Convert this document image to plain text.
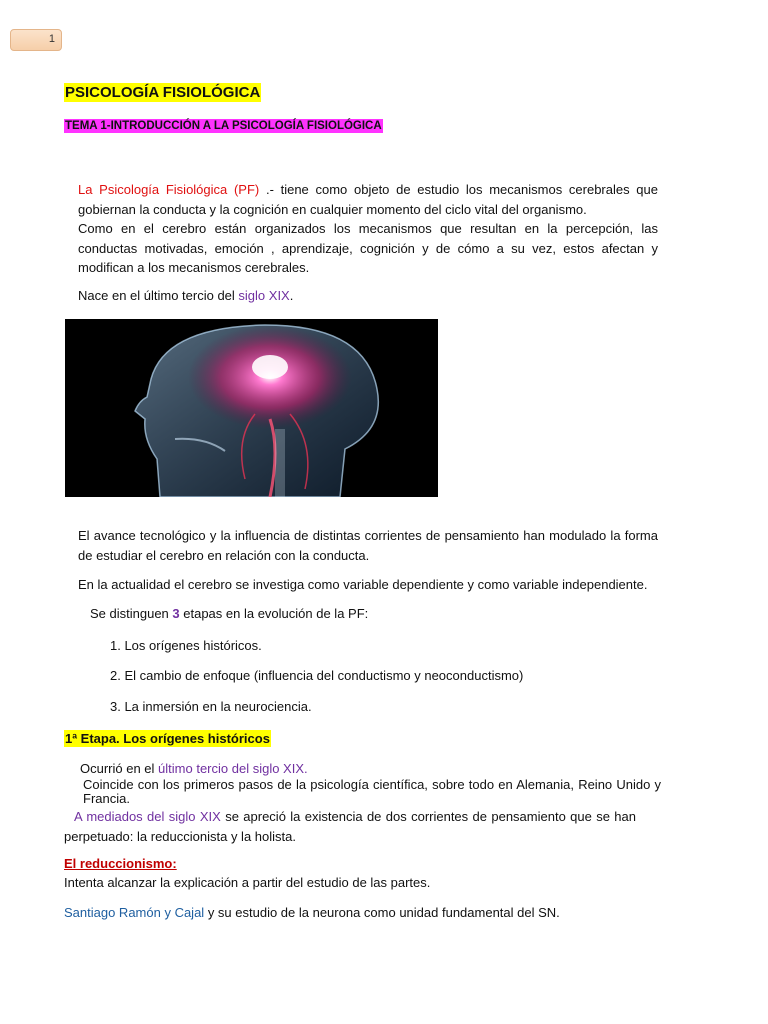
1
PSICOLOGÍA FISIOLÓGICA
TEMA 1-INTRODUCCIÓN A LA PSICOLOGÍA FISIOLÓGICA
La Psicología Fisiológica (PF) .- tiene como objeto de estudio los mecanismos cerebrales que gobiernan la conducta y la cognición en cualquier momento del ciclo vital del organismo.
Como en el cerebro están organizados los mecanismos que resultan en la percepción, las conductas motivadas, emoción , aprendizaje, cognición y de cómo a su vez, estos afectan y modifican a los mecanismos cerebrales.
Nace en el último tercio del siglo XIX.
El avance tecnológico y la influencia de distintas corrientes de pensamiento han modulado la forma de estudiar el cerebro en relación con la conducta.
En la actualidad el cerebro se investiga como variable dependiente y como variable independiente.
Se distinguen 3 etapas en la evolución de la PF:
1. Los orígenes históricos.
2. El cambio de enfoque (influencia del conductismo y neoconductismo)
3. La inmersión en la neurociencia.
1ª Etapa. Los orígenes históricos
Ocurrió en el último tercio del siglo XIX.
Coincide con los primeros pasos de la psicología científica, sobre todo en Alemania, Reino Unido y Francia.
A mediados del siglo XIX se apreció la existencia de dos corrientes de pensamiento que se han perpetuado: la reduccionista y la holista.
El reduccionismo:
Intenta alcanzar la explicación a partir del estudio de las partes.
Santiago Ramón y Cajal y su estudio de la neurona como unidad fundamental del SN.
